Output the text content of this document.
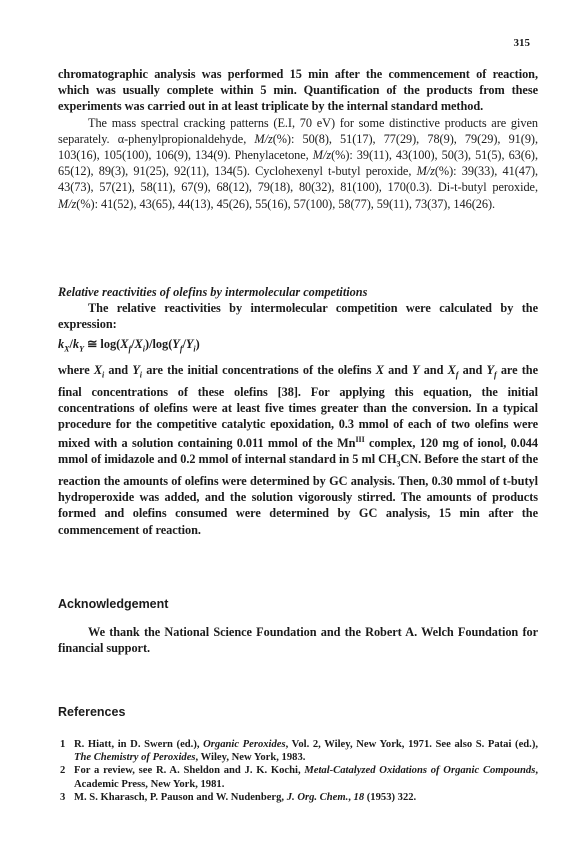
315

chromatographic analysis was performed 15 min after the commencement of reaction, which was usually complete within 5 min. Quantification of the products from these experiments was carried out in at least triplicate by the internal standard method.

The mass spectral cracking patterns (E.I, 70 eV) for some distinctive products are given separately. α-phenylpropionaldehyde, M/z(%): 50(8), 51(17), 77(29), 78(9), 79(29), 91(9), 103(16), 105(100), 106(9), 134(9). Phenylacetone, M/z(%): 39(11), 43(100), 50(3), 51(5), 63(6), 65(12), 89(3), 91(25), 92(11), 134(5). Cyclohexenyl t-butyl peroxide, M/z(%): 39(33), 41(47), 43(73), 57(21), 58(11), 67(9), 68(12), 79(18), 80(32), 81(100), 170(0.3). Di-t-butyl peroxide, M/z(%): 41(52), 43(65), 44(13), 45(26), 55(16), 57(100), 58(77), 59(11), 73(37), 146(26).

Relative reactivities of olefins by intermolecular competitions

The relative reactivities by intermolecular competition were calculated by the expression:

$k_X/k_Y$ ≅ $\log(X_f/X_i)/\log(Y_f/Y_i)$

where $X_i$ and $Y_i$ are the initial concentrations of the olefins X and Y and $X_f$ and $Y_f$ are the final concentrations of these olefins [38]. For applying this equation, the initial concentrations of olefins were at least five times greater than the conversion. In a typical procedure for the competitive catalytic epoxidation, 0.3 mmol of each of two olefins were mixed with a solution containing 0.011 mmol of the $Mn^{III}$ complex, 120 mg of ionol, 0.044 mmol of imidazole and 0.2 mmol of internal standard in 5 ml $CH_3CN$. Before the start of the reaction the amounts of olefins were determined by GC analysis. Then, 0.30 mmol of t-butyl hydroperoxide was added, and the solution vigorously stirred. The amounts of products formed and olefins consumed were determined by GC analysis, 15 min after the commencement of reaction.

Acknowledgement

We thank the National Science Foundation and the Robert A. Welch Foundation for financial support.

References

1 R. Hiatt, in D. Swern (ed.), Organic Peroxides, Vol. 2, Wiley, New York, 1971. See also S. Patai (ed.), The Chemistry of Peroxides, Wiley, New York, 1983.
2 For a review, see R. A. Sheldon and J. K. Kochi, Metal-Catalyzed Oxidations of Organic Compounds, Academic Press, New York, 1981.
3 M. S. Kharasch, P. Pauson and W. Nudenberg, J. Org. Chem., 18 (1953) 322.
